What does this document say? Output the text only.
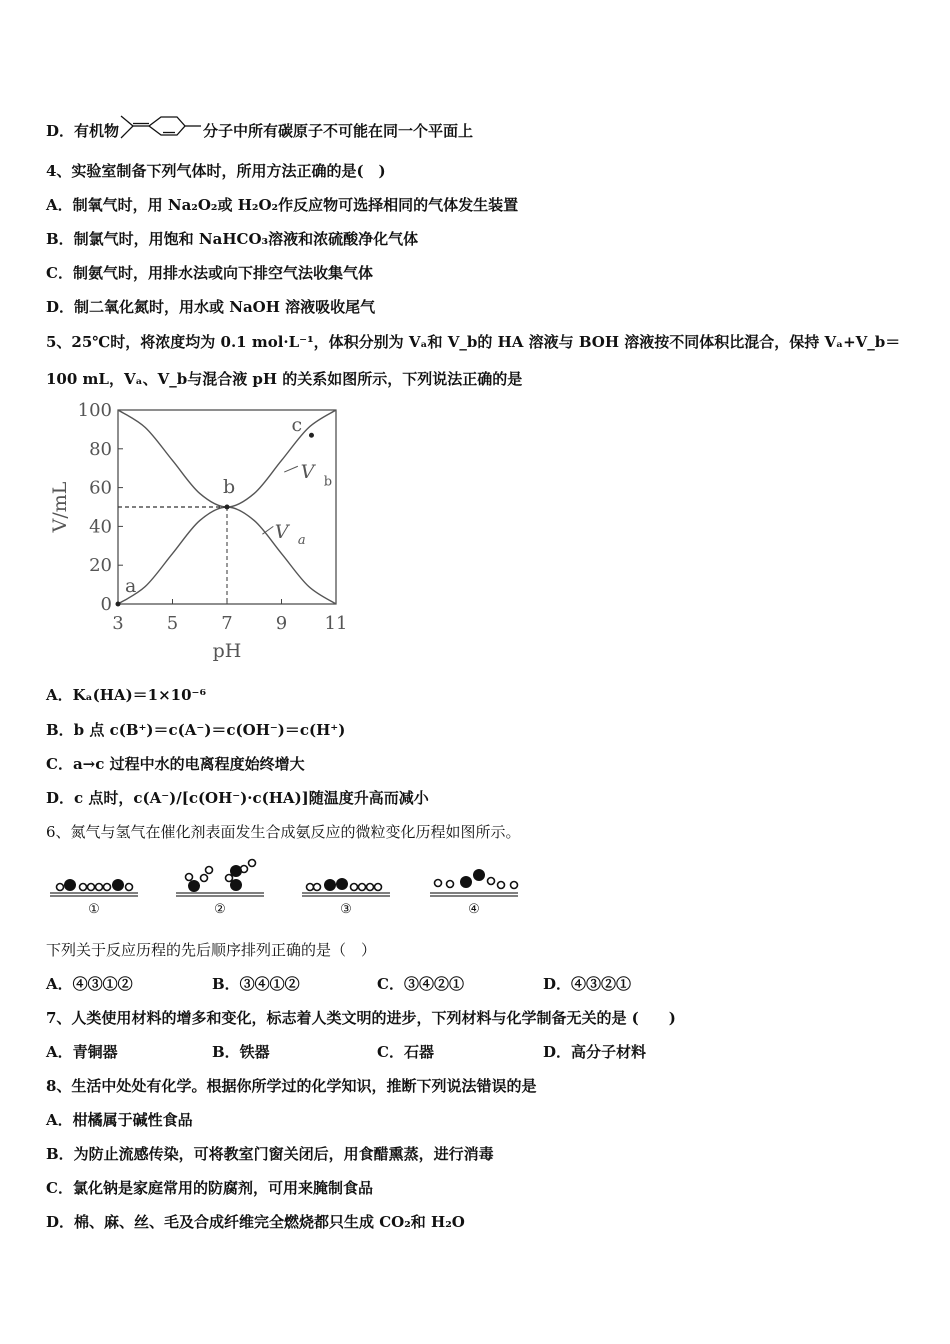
D．有机物	分子中所有碳原子不可能在同一个平面上
4、实验室制备下列气体时，所用方法正确的是(　)
A．制氧气时，用 Na₂O₂或 H₂O₂作反应物可选择相同的气体发生装置
B．制氯气时，用饱和 NaHCO₃溶液和浓硫酸净化气体
C．制氨气时，用排水法或向下排空气法收集气体
D．制二氧化氮时，用水或 NaOH 溶液吸收尾气
5、25℃时，将浓度均为 0.1 mol·L⁻¹，体积分别为 Vₐ和 V_b的 HA 溶液与 BOH 溶液按不同体积比混合，保持 Vₐ+V_b＝
100 mL，Vₐ、V_b与混合液 pH 的关系如图所示，下列说法正确的是
3 5 7 9 11
0
20
40
60
80
100
pH
V/mL
V b
V a
a
b
c
A．Kₐ(HA)＝1×10⁻⁶
B．b 点 c(B⁺)＝c(A⁻)＝c(OH⁻)＝c(H⁺)
C．a→c 过程中水的电离程度始终增大
D．c 点时，c(A⁻)/[c(OH⁻)·c(HA)]随温度升高而减小
6、氮气与氢气在催化剂表面发生合成氨反应的微粒变化历程如图所示。
①	②	③	④
下列关于反应历程的先后顺序排列正确的是（　）
A．④③①②	B．③④①②	C．③④②①	D．④③②①
7、人类使用材料的增多和变化，标志着人类文明的进步，下列材料与化学制备无关的是 (　　)
A．青铜器	B．铁器	C．石器	D．高分子材料
8、生活中处处有化学。根据你所学过的化学知识，推断下列说法错误的是
A．柑橘属于碱性食品
B．为防止流感传染，可将教室门窗关闭后，用食醋熏蒸，进行消毒
C．氯化钠是家庭常用的防腐剂，可用来腌制食品
D．棉、麻、丝、毛及合成纤维完全燃烧都只生成 CO₂和 H₂O
